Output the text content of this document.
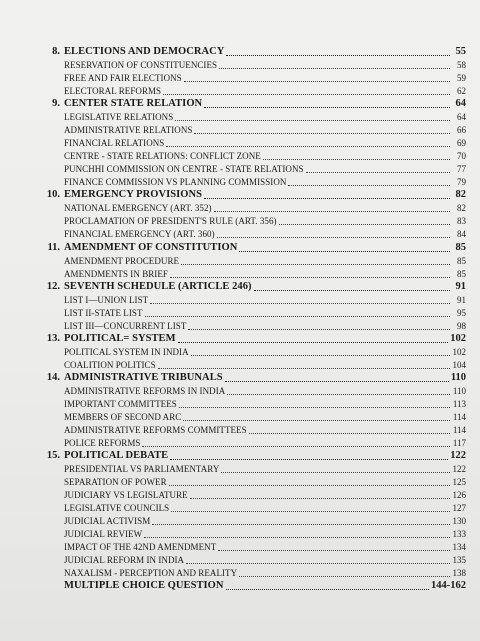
8. ELECTIONS AND DEMOCRACY	55
RESERVATION OF CONSTITUENCIES	58
FREE AND FAIR ELECTIONS	59
ELECTORAL REFORMS	62
9. CENTER STATE RELATION	64
LEGISLATIVE RELATIONS	64
ADMINISTRATIVE RELATIONS	66
FINANCIAL RELATIONS	69
CENTRE - STATE RELATIONS: CONFLICT ZONE	70
PUNCHHI COMMISSION ON CENTRE - STATE RELATIONS	77
FINANCE COMMISSION VS PLANNING COMMISSION	79
10. EMERGENCY PROVISIONS	82
NATIONAL EMERGENCY (ART. 352)	82
PROCLAMATION OF PRESIDENT'S RULE (ART. 356)	83
FINANCIAL EMERGENCY (ART. 360)	84
11. AMENDMENT OF CONSTITUTION	85
AMENDMENT PROCEDURE	85
AMENDMENTS IN BRIEF	85
12. SEVENTH SCHEDULE (ARTICLE 246)	91
LIST I—UNION LIST	91
LIST II-STATE LIST	95
LIST III—CONCURRENT LIST	98
13. POLITICAL= SYSTEM	102
POLITICAL SYSTEM IN INDIA	102
COALITION POLITICS	104
14. ADMINISTRATIVE TRIBUNALS	110
ADMINISTRATIVE REFORMS IN INDIA	110
IMPORTANT COMMITTEES	113
MEMBERS OF SECOND ARC	114
ADMINISTRATIVE REFORMS COMMITTEES	114
POLICE REFORMS	117
15. POLITICAL DEBATE	122
PRESIDENTIAL VS PARLIAMENTARY	122
SEPARATION OF POWER	125
JUDICIARY VS LEGISLATURE	126
LEGISLATIVE COUNCILS	127
JUDICIAL ACTIVISM	130
JUDICIAL REVIEW	133
IMPACT OF THE 42ND AMENDMENT	134
JUDICIAL REFORM IN INDIA	135
NAXALISM - PERCEPTION AND REALITY	138
MULTIPLE CHOICE QUESTION	144-162
